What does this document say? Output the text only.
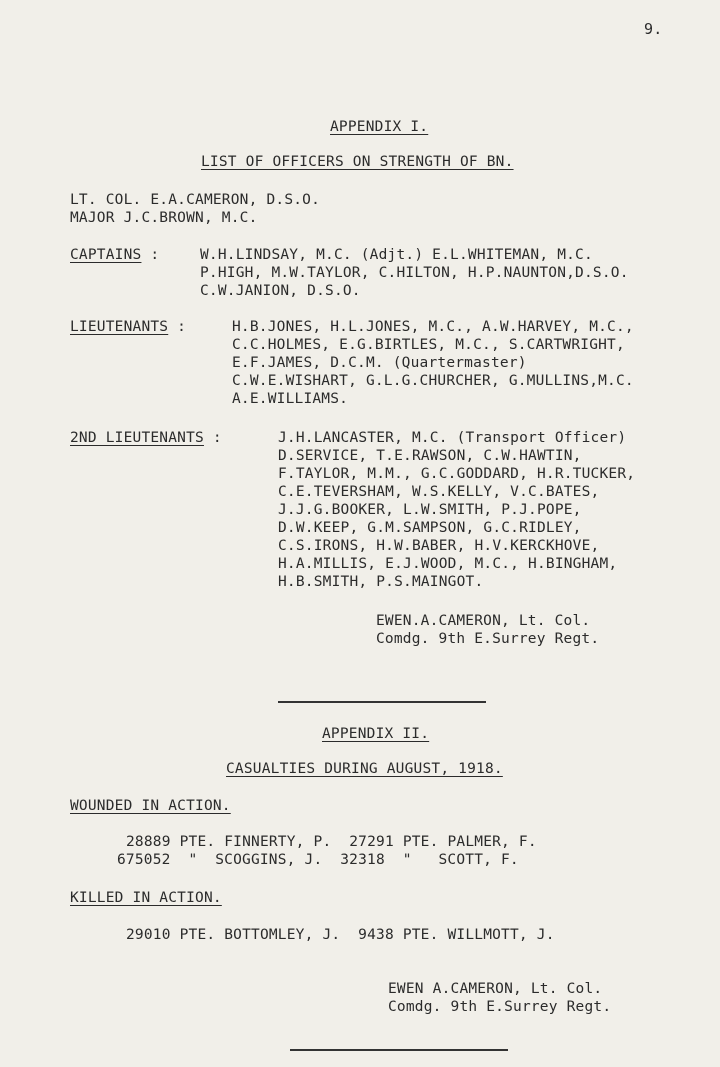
9.
APPENDIX I.
LIST OF OFFICERS ON STRENGTH OF BN.
LT. COL. E.A.CAMERON, D.S.O.
MAJOR J.C.BROWN, M.C.
CAPTAINS :	W.H.LINDSAY, M.C. (Adjt.) E.L.WHITEMAN, M.C.
P.HIGH, M.W.TAYLOR, C.HILTON, H.P.NAUNTON,D.S.O.
C.W.JANION, D.S.O.
LIEUTENANTS :	H.B.JONES, H.L.JONES, M.C., A.W.HARVEY, M.C.,
C.C.HOLMES, E.G.BIRTLES, M.C., S.CARTWRIGHT,
E.F.JAMES, D.C.M. (Quartermaster)
C.W.E.WISHART, G.L.G.CHURCHER, G.MULLINS,M.C.
A.E.WILLIAMS.
2ND LIEUTENANTS :	J.H.LANCASTER, M.C. (Transport Officer)
D.SERVICE, T.E.RAWSON, C.W.HAWTIN,
F.TAYLOR, M.M., G.C.GODDARD, H.R.TUCKER,
C.E.TEVERSHAM, W.S.KELLY, V.C.BATES,
J.J.G.BOOKER, L.W.SMITH, P.J.POPE,
D.W.KEEP, G.M.SAMPSON, G.C.RIDLEY,
C.S.IRONS, H.W.BABER, H.V.KERCKHOVE,
H.A.MILLIS, E.J.WOOD, M.C., H.BINGHAM,
H.B.SMITH, P.S.MAINGOT.
EWEN.A.CAMERON, Lt. Col.
Comdg. 9th E.Surrey Regt.
APPENDIX II.
CASUALTIES DURING AUGUST, 1918.
WOUNDED IN ACTION.
28889 PTE. FINNERTY, P.  27291 PTE. PALMER, F.
675052  "  SCOGGINS, J.  32318  "   SCOTT, F.
KILLED IN ACTION.
29010 PTE. BOTTOMLEY, J.  9438 PTE. WILLMOTT, J.
EWEN A.CAMERON, Lt. Col.
Comdg. 9th E.Surrey Regt.
